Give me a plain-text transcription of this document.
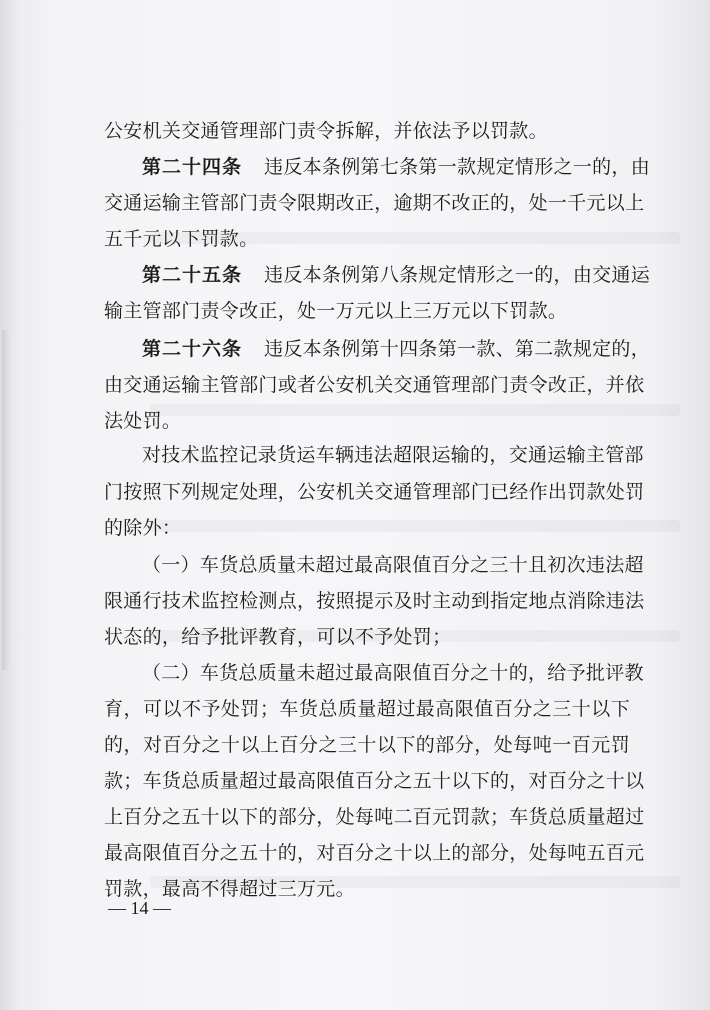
公安机关交通管理部门责令拆解，并依法予以罚款。
第二十四条 违反本条例第七条第一款规定情形之一的，由
交通运输主管部门责令限期改正，逾期不改正的，处一千元以上
五千元以下罚款。
第二十五条 违反本条例第八条规定情形之一的，由交通运
输主管部门责令改正，处一万元以上三万元以下罚款。
第二十六条 违反本条例第十四条第一款、第二款规定的，
由交通运输主管部门或者公安机关交通管理部门责令改正，并依
法处罚。
对技术监控记录货运车辆违法超限运输的，交通运输主管部
门按照下列规定处理，公安机关交通管理部门已经作出罚款处罚
的除外：
（一）车货总质量未超过最高限值百分之三十且初次违法超
限通行技术监控检测点，按照提示及时主动到指定地点消除违法
状态的，给予批评教育，可以不予处罚；
（二）车货总质量未超过最高限值百分之十的，给予批评教
育，可以不予处罚；车货总质量超过最高限值百分之三十以下
的，对百分之十以上百分之三十以下的部分，处每吨一百元罚
款；车货总质量超过最高限值百分之五十以下的，对百分之十以
上百分之五十以下的部分，处每吨二百元罚款；车货总质量超过
最高限值百分之五十的，对百分之十以上的部分，处每吨五百元
罚款，最高不得超过三万元。
— 14 —
